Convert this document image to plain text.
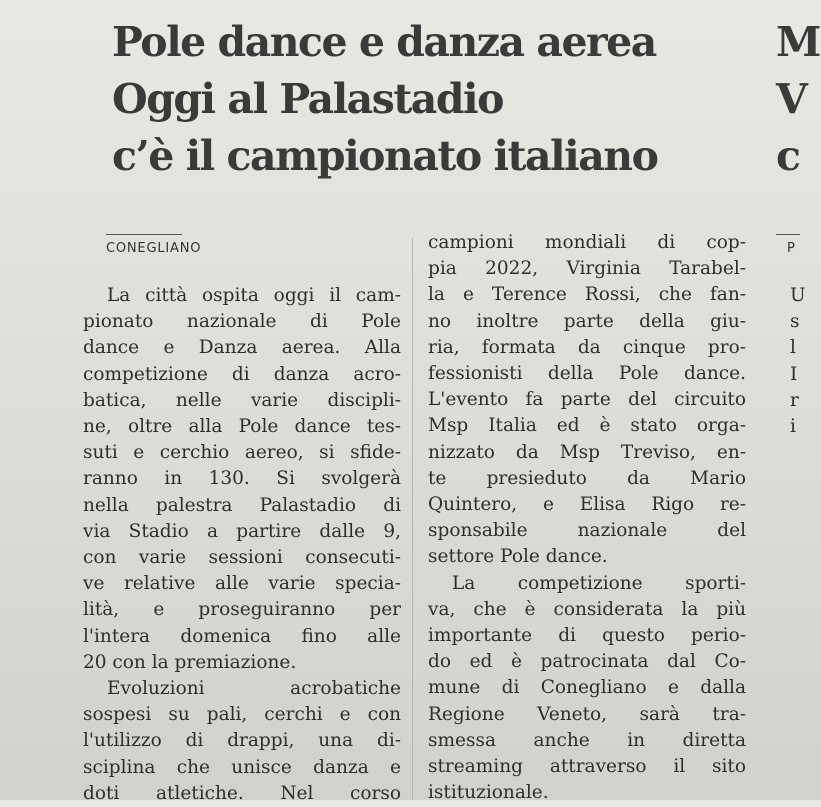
Pole dance e danza aerea
Oggi al Palastadio
c’è il campionato italiano
M
V
c
CONEGLIANO	P
La città ospita oggi il cam-
pionato nazionale di Pole
dance e Danza aerea. Alla
competizione di danza acro-
batica, nelle varie discipli-
ne, oltre alla Pole dance tes-
suti e cerchio aereo, si sfide-
ranno in 130. Si svolgerà
nella palestra Palastadio di
via Stadio a partire dalle 9,
con varie sessioni consecuti-
ve relative alle varie specia-
lità, e proseguiranno per
l'intera domenica fino alle
20 con la premiazione.
Evoluzioni acrobatiche
sospesi su pali, cerchi e con
l'utilizzo di drappi, una di-
sciplina che unisce danza e
doti atletiche. Nel corso
campioni mondiali di cop-
pia 2022, Virginia Tarabel-
la e Terence Rossi, che fan-
no inoltre parte della giu-
ria, formata da cinque pro-
fessionisti della Pole dance.
L'evento fa parte del circuito
Msp Italia ed è stato orga-
nizzato da Msp Treviso, en-
te presieduto da Mario
Quintero, e Elisa Rigo re-
sponsabile nazionale del
settore Pole dance.
La competizione sporti-
va, che è considerata la più
importante di questo perio-
do ed è patrocinata dal Co-
mune di Conegliano e dalla
Regione Veneto, sarà tra-
smessa anche in diretta
streaming attraverso il sito
istituzionale.
U
s
l
I
r
i
